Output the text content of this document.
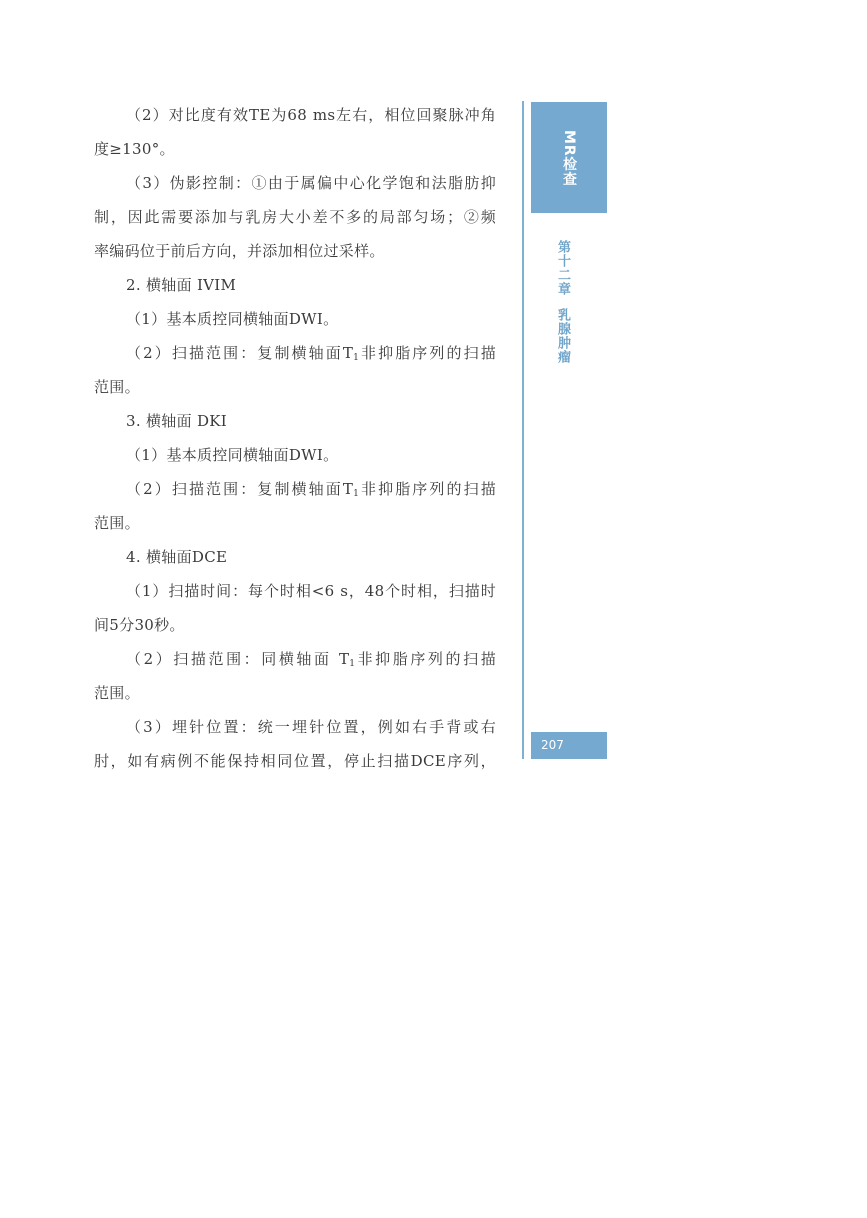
（2）对比度有效TE为68 ms左右，相位回聚脉冲角
度≥130°。
（3）伪影控制：①由于属偏中心化学饱和法脂肪抑
制，因此需要添加与乳房大小差不多的局部匀场；②频
率编码位于前后方向，并添加相位过采样。
2. 横轴面 IVIM
（1）基本质控同横轴面DWI。
（2）扫描范围：复制横轴面$T_1$非抑脂序列的扫描
范围。
3. 横轴面 DKI
（1）基本质控同横轴面DWI。
（2）扫描范围：复制横轴面$T_1$非抑脂序列的扫描
范围。
4. 横轴面DCE
（1）扫描时间：每个时相<6 s，48个时相，扫描时
间5分30秒。
（2）扫描范围：同横轴面 $T_1$非抑脂序列的扫描
范围。
（3）埋针位置：统一埋针位置，例如右手背或右
肘，如有病例不能保持相同位置，停止扫描DCE序列，
MR检查
第十二章乳腺肿瘤
207
